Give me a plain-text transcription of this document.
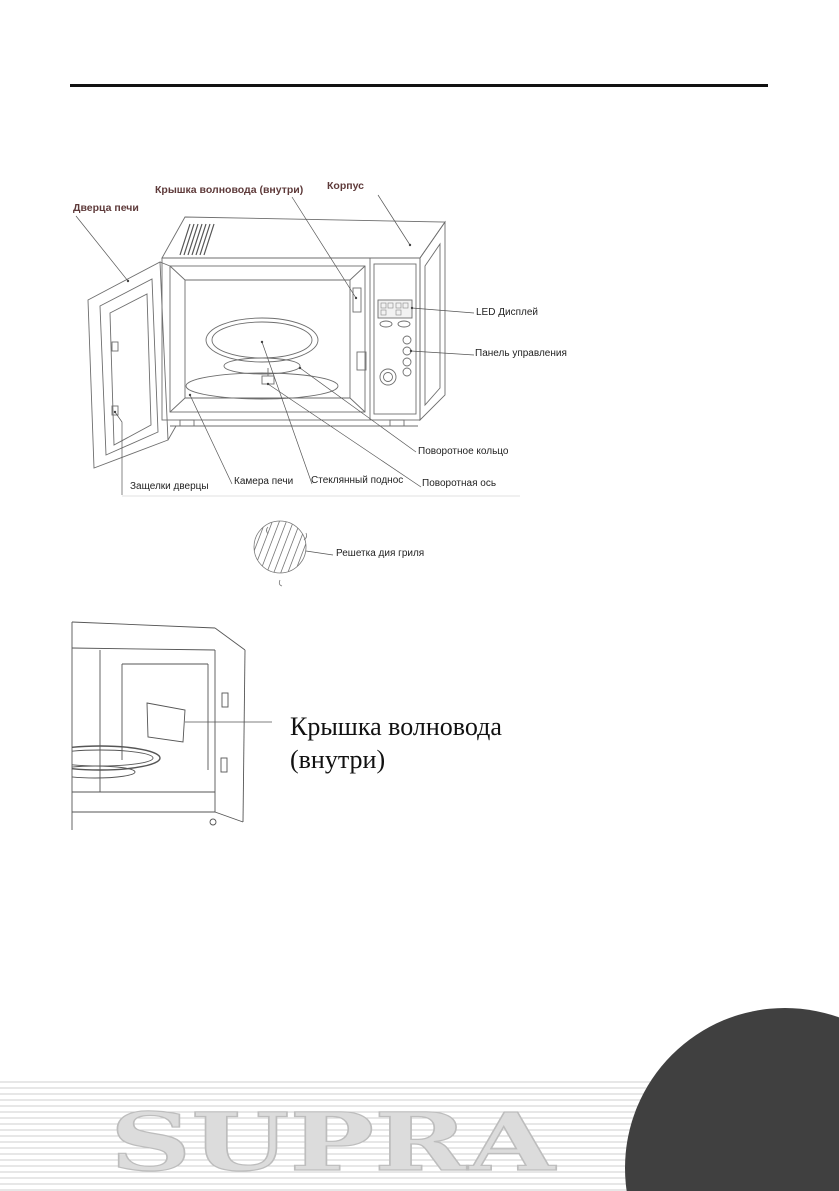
SUPRA
Крышка волновода (внутри) Корпус
Дверца печи
LED Дисплей
Панель управления
Поворотное кольцо
Защелки дверцы	Камера печи Стеклянный поднос Поворотная ось
Решетка дия гриля
Крышка волновода
(внутри)
